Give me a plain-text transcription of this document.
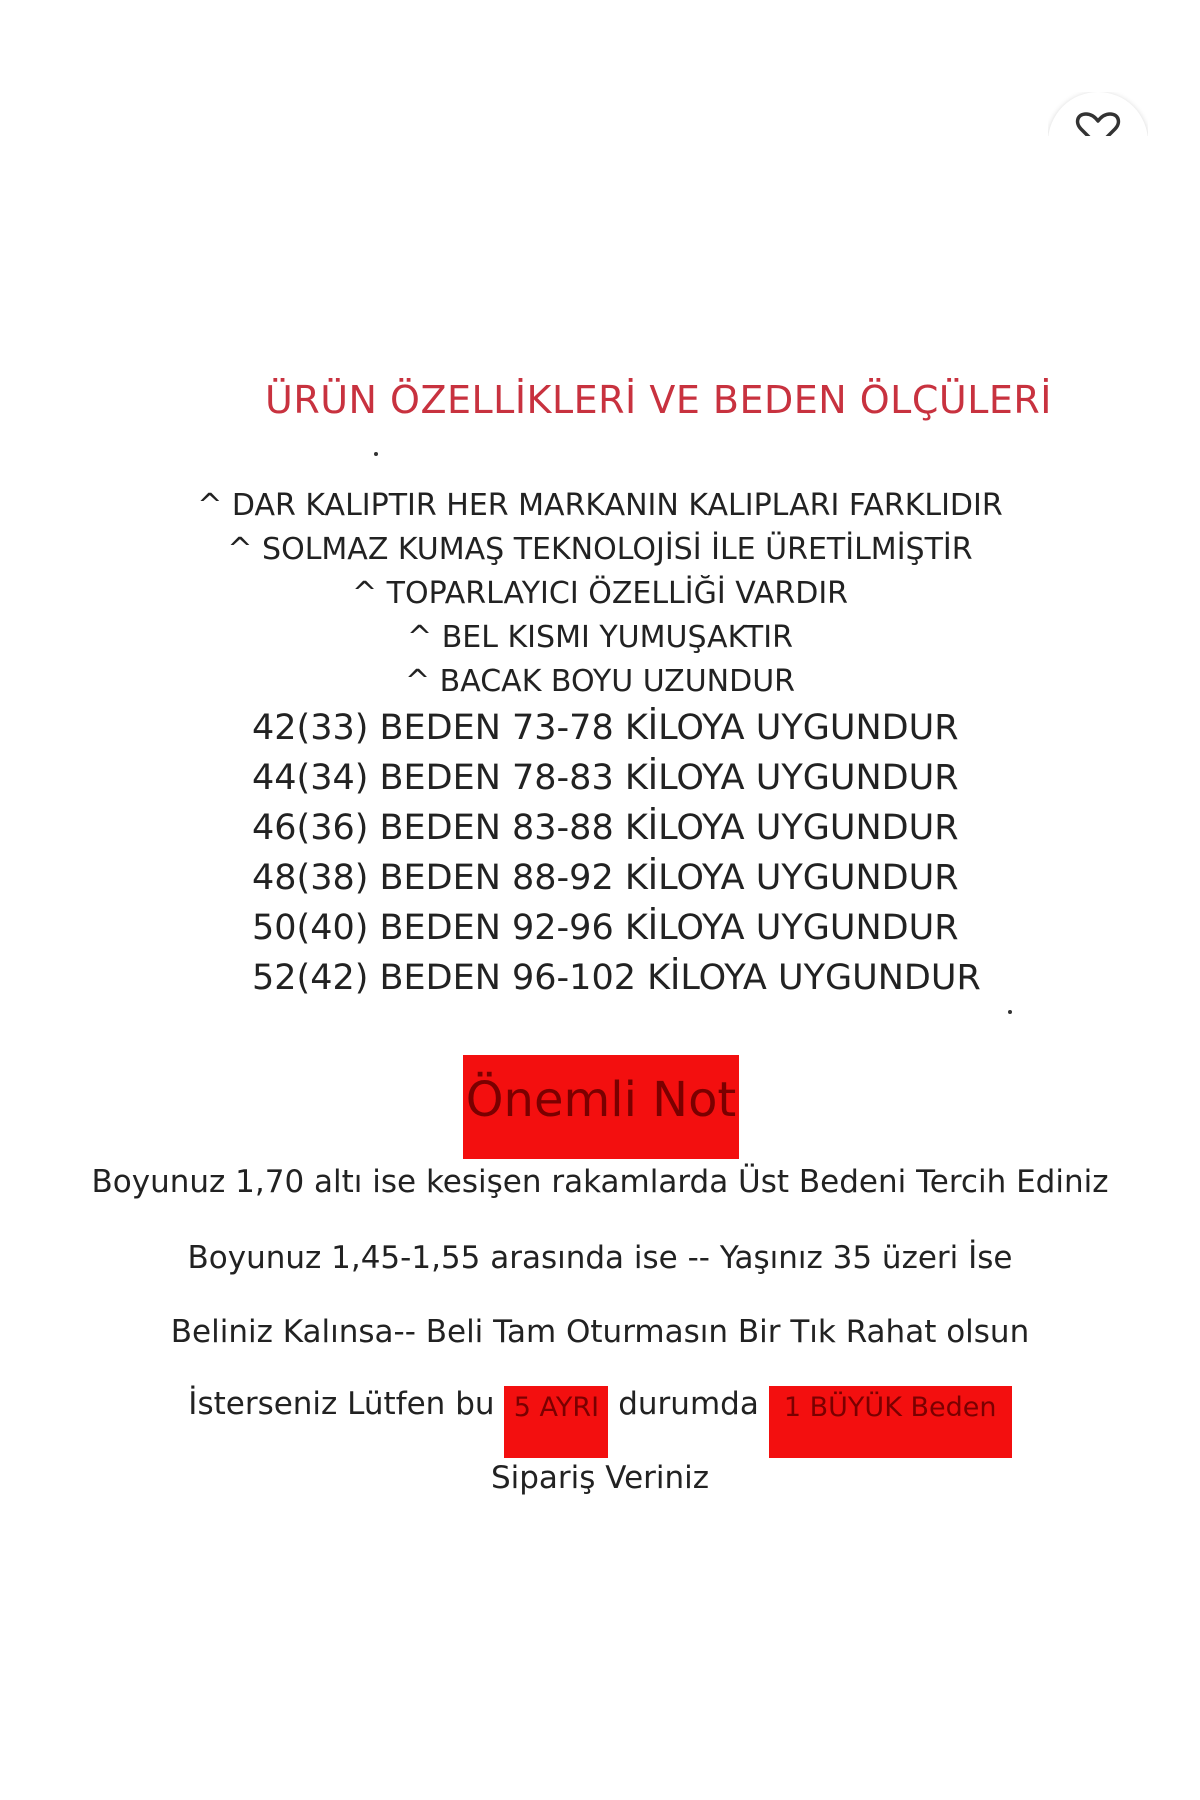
ÜRÜN ÖZELLİKLERİ VE BEDEN ÖLÇÜLERİ
^ DAR KALIPTIR HER MARKANIN KALIPLARI FARKLIDIR
^ SOLMAZ KUMAŞ TEKNOLOJİSİ İLE ÜRETİLMİŞTİR
^ TOPARLAYICI ÖZELLİĞİ VARDIR
^ BEL KISMI YUMUŞAKTIR
^ BACAK BOYU UZUNDUR
42(33) BEDEN 73-78 KİLOYA UYGUNDUR
44(34) BEDEN 78-83 KİLOYA UYGUNDUR
46(36) BEDEN 83-88 KİLOYA UYGUNDUR
48(38) BEDEN 88-92 KİLOYA UYGUNDUR
50(40) BEDEN 92-96 KİLOYA UYGUNDUR
52(42) BEDEN 96-102 KİLOYA UYGUNDUR
Önemli Not
Boyunuz 1,70 altı ise kesişen rakamlarda Üst Bedeni Tercih Ediniz
Boyunuz 1,45-1,55 arasında ise -- Yaşınız 35 üzeri İse
Beliniz Kalınsa-- Beli Tam Oturmasın Bir Tık Rahat olsun
İsterseniz Lütfen bu 5 AYRI durumda 1 BÜYÜK Beden
Sipariş Veriniz
